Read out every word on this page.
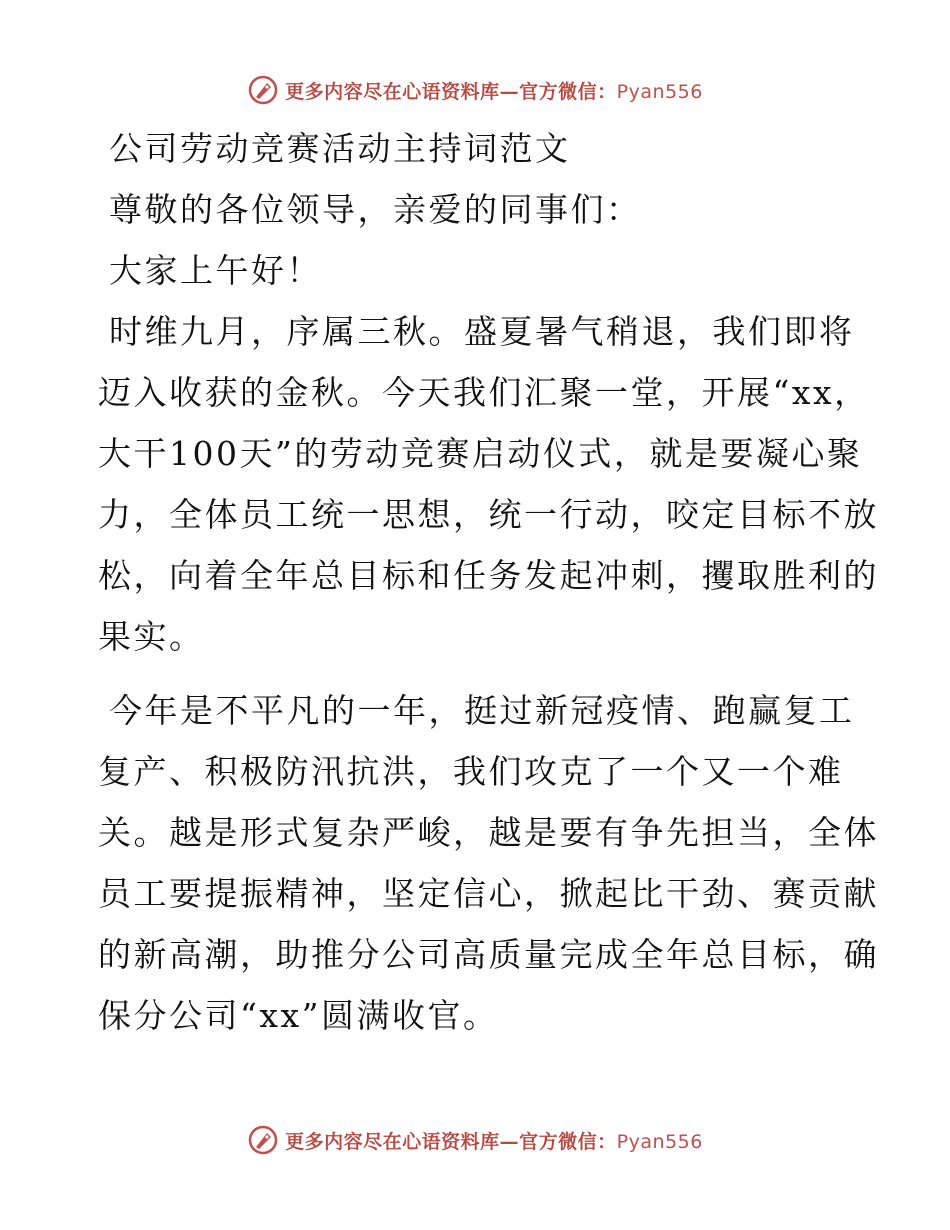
更多内容尽在心语资料库—官方微信：Pyan556

公司劳动竞赛活动主持词范文

尊敬的各位领导，亲爱的同事们：

大家上午好！

时维九月，序属三秋。盛夏暑气稍退，我们即将

迈入收获的金秋。今天我们汇聚一堂，开展“xx，

大干100天”的劳动竞赛启动仪式，就是要凝心聚

力，全体员工统一思想，统一行动，咬定目标不放

松，向着全年总目标和任务发起冲刺，攫取胜利的

果实。

今年是不平凡的一年，挺过新冠疫情、跑赢复工

复产、积极防汛抗洪，我们攻克了一个又一个难

关。越是形式复杂严峻，越是要有争先担当，全体

员工要提振精神，坚定信心，掀起比干劲、赛贡献

的新高潮，助推分公司高质量完成全年总目标，确

保分公司“xx”圆满收官。

更多内容尽在心语资料库—官方微信：Pyan556
